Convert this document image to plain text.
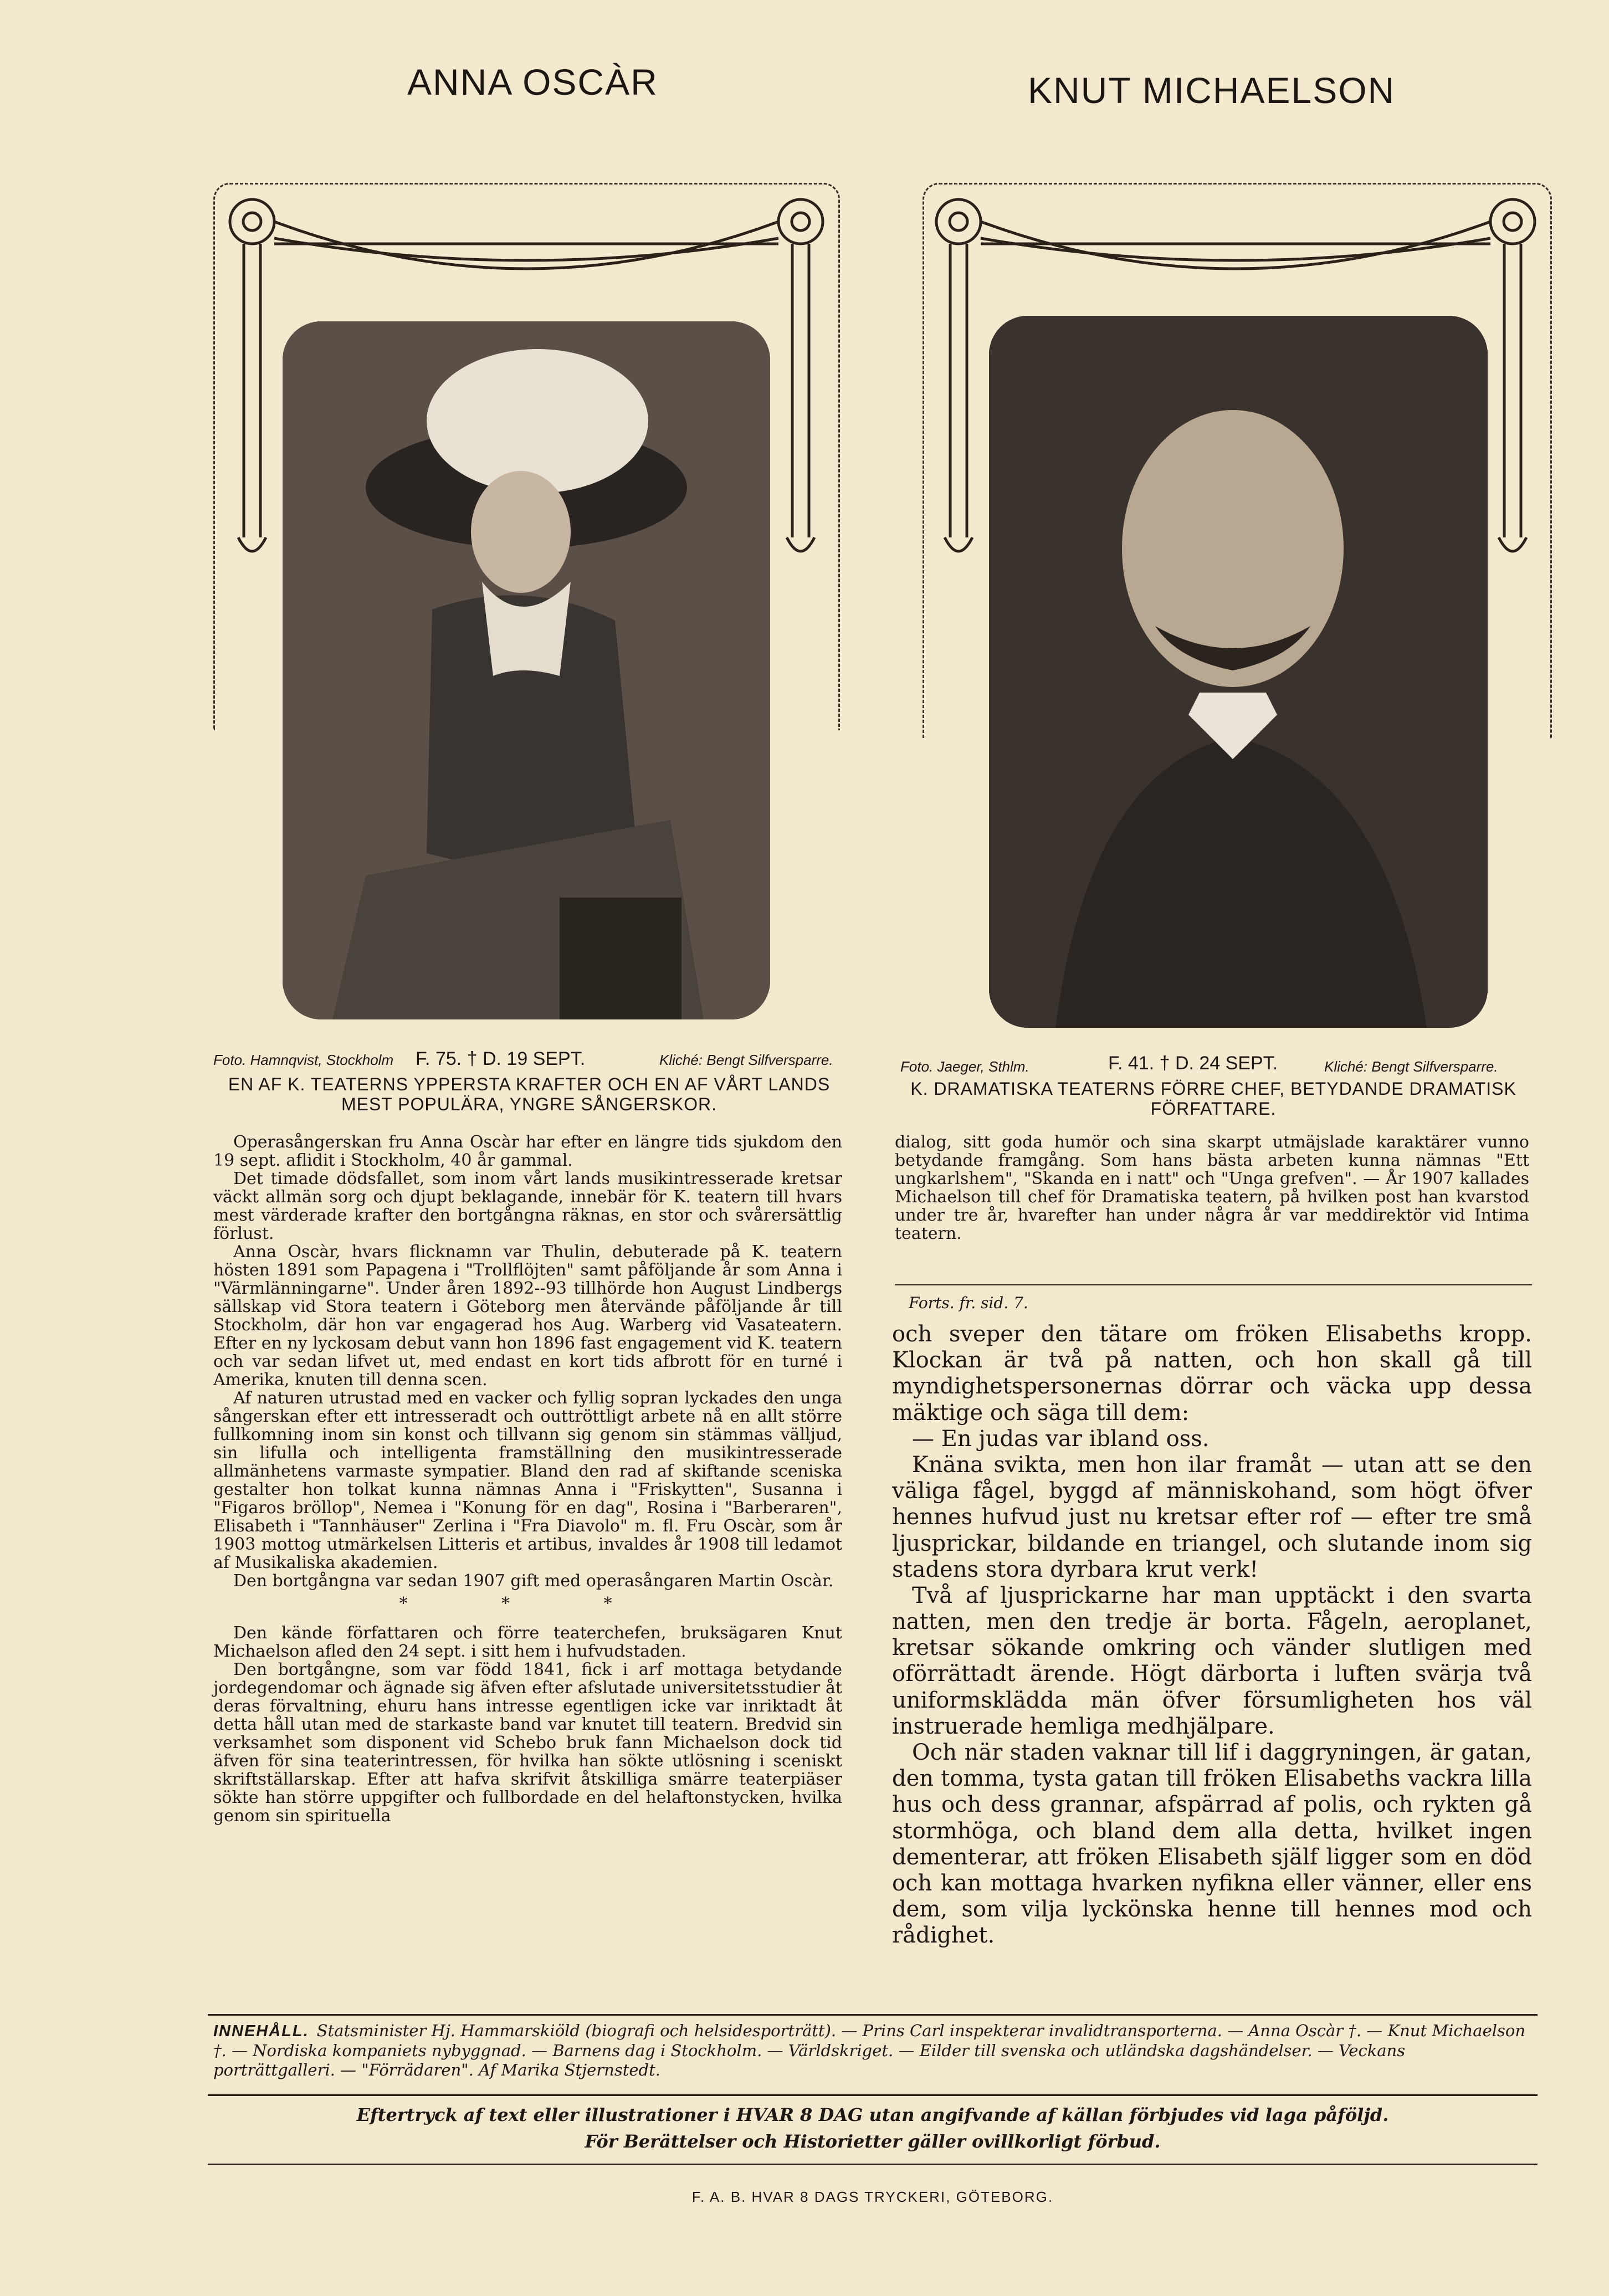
ANNA OSCÀR	KNUT MICHAELSON
Foto. Hamnqvist, Stockholm F. 75. † D. 19 SEPT.	Kliché: Bengt Silfversparre.	Foto. Jaeger, Sthlm.	F. 41. † D. 24 SEPT.	Kliché: Bengt Silfversparre.
EN AF K. TEATERNS YPPERSTA KRAFTER OCH EN AF VÅRT LANDS MEST POPULÄRA, YNGRE SÅNGERSKOR.
K. DRAMATISKA TEATERNS FÖRRE CHEF, BETYDANDE DRAMATISK FÖRFATTARE.

Operasångerskan fru Anna Oscàr har efter en längre tids sjukdom den 19 sept. aflidit i Stockholm, 40 år gammal.

Det timade dödsfallet, som inom vårt lands musikintresserade kretsar väckt allmän sorg och djupt beklagande, innebär för K. teatern till hvars mest värderade krafter den bortgångna räknas, en stor och svårersättlig förlust.

Anna Oscàr, hvars flicknamn var Thulin, debuterade på K. teatern hösten 1891 som Papagena i "Trollflöjten" samt påföljande år som Anna i "Värmlänningarne". Under åren 1892--93 tillhörde hon August Lindbergs sällskap vid Stora teatern i Göteborg men återvände påföljande år till Stockholm, där hon var engagerad hos Aug. Warberg vid Vasateatern. Efter en ny lyckosam debut vann hon 1896 fast engagement vid K. teatern och var sedan lifvet ut, med endast en kort tids afbrott för en turné i Amerika, knuten till denna scen.

Af naturen utrustad med en vacker och fyllig sopran lyckades den unga sångerskan efter ett intresseradt och outtröttligt arbete nå en allt större fullkomning inom sin konst och tillvann sig genom sin stämmas välljud, sin lifulla och intelligenta framställning den musikintresserade allmänhetens varmaste sympatier. Bland den rad af skiftande sceniska gestalter hon tolkat kunna nämnas Anna i "Friskytten", Susanna i "Figaros bröllop", Nemea i "Konung för en dag", Rosina i "Barberaren", Elisabeth i "Tannhäuser" Zerlina i "Fra Diavolo" m. fl. Fru Oscàr, som år 1903 mottog utmärkelsen Litteris et artibus, invaldes år 1908 till ledamot af Musikaliska akademien.

Den bortgångna var sedan 1907 gift med operasångaren Martin Oscàr.

* * *

Den kände författaren och förre teaterchefen, bruksägaren Knut Michaelson afled den 24 sept. i sitt hem i hufvudstaden.

Den bortgångne, som var född 1841, fick i arf mottaga betydande jordegendomar och ägnade sig äfven efter afslutade universitetsstudier åt deras förvaltning, ehuru hans intresse egentligen icke var inriktadt åt detta håll utan med de starkaste band var knutet till teatern. Bredvid sin verksamhet som disponent vid Schebo bruk fann Michaelson dock tid äfven för sina teaterintressen, för hvilka han sökte utlösning i sceniskt skriftställarskap. Efter att hafva skrifvit åtskilliga smärre teaterpiäser sökte han större uppgifter och fullbordade en del helaftonstycken, hvilka genom sin spirituella

dialog, sitt goda humör och sina skarpt utmäjslade karaktärer vunno betydande framgång. Som hans bästa arbeten kunna nämnas "Ett ungkarlshem", "Skanda en i natt" och "Unga grefven". — År 1907 kallades Michaelson till chef för Dramatiska teatern, på hvilken post han kvarstod under tre år, hvarefter han under några år var meddirektör vid Intima teatern.

Forts. fr. sid. 7.

och sveper den tätare om fröken Elisabeths kropp. Klockan är två på natten, och hon skall gå till myndighetspersonernas dörrar och väcka upp dessa mäktige och säga till dem:

— En judas var ibland oss.

Knäna svikta, men hon ilar framåt — utan att se den väliga fågel, byggd af människohand, som högt öfver hennes hufvud just nu kretsar efter rof — efter tre små ljusprickar, bildande en triangel, och slutande inom sig stadens stora dyrbara krut verk!

Två af ljusprickarne har man upptäckt i den svarta natten, men den tredje är borta. Fågeln, aeroplanet, kretsar sökande omkring och vänder slutligen med oförrättadt ärende. Högt därborta i luften svärja två uniformsklädda män öfver försumligheten hos väl instruerade hemliga medhjälpare.

Och när staden vaknar till lif i daggryningen, är gatan, den tomma, tysta gatan till fröken Elisabeths vackra lilla hus och dess grannar, afspärrad af polis, och rykten gå stormhöga, och bland dem alla detta, hvilket ingen dementerar, att fröken Elisabeth själf ligger som en död och kan mottaga hvarken nyfikna eller vänner, eller ens dem, som vilja lyckönska henne till hennes mod och rådighet.

INNEHÅLL. Statsminister Hj. Hammarskiöld (biografi och helsidesporträtt). — Prins Carl inspekterar invalidtransporterna. — Anna Oscàr †. — Knut Michaelson †. — Nordiska kompaniets nybyggnad. — Barnens dag i Stockholm. — Världskriget. — Eilder till svenska och utländska dagshändelser. — Veckans porträttgalleri. — "Förrädaren". Af Marika Stjernstedt.
Eftertryck af text eller illustrationer i HVAR 8 DAG utan angifvande af källan förbjudes vid laga påföljd.
För Berättelser och Historietter gäller ovillkorligt förbud.
F. A. B. HVAR 8 DAGS TRYCKERI, GÖTEBORG.
